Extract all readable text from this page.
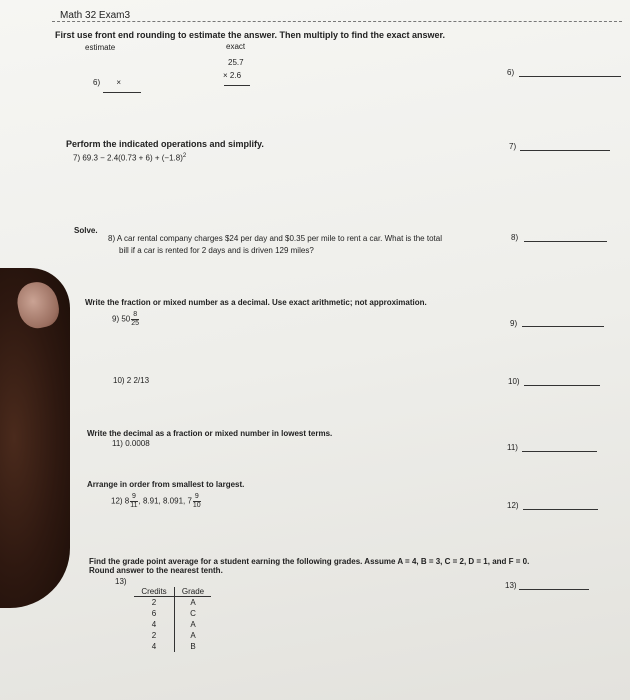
Math 32 Exam3
First use front end rounding to estimate the answer. Then multiply to find the exact answer.
estimate	exact
25.7
× 2.6
6) ×
6)
Perform the indicated operations and simplify.
7) $69.3 - 2.4(0.73 + 6) + (-1.8)^2$
7)
Solve.
8) A car rental company charges $24 per day and $0.35 per mile to rent a car. What is the total
bill if a car is rented for 2 days and is driven 129 miles?
8)
Write the fraction or mixed number as a decimal. Use exact arithmetic; not approximation.
9) $50 \frac{8}{25}$	9)
10) 2 2/13	10)
Write the decimal as a fraction or mixed number in lowest terms.
11) 0.0008	11)
Arrange in order from smallest to largest.
12) $8 \frac{9}{11}$ , 8.91, 8.091, $7 \frac{9}{10}$	12)
Find the grade point average for a student earning the following grades. Assume A = 4, B = 3, C = 2, D = 1, and F = 0.
Round answer to the nearest tenth.
13)	13)
Credits	Grade
2	A
6	C
4	A
2	A
4	B
